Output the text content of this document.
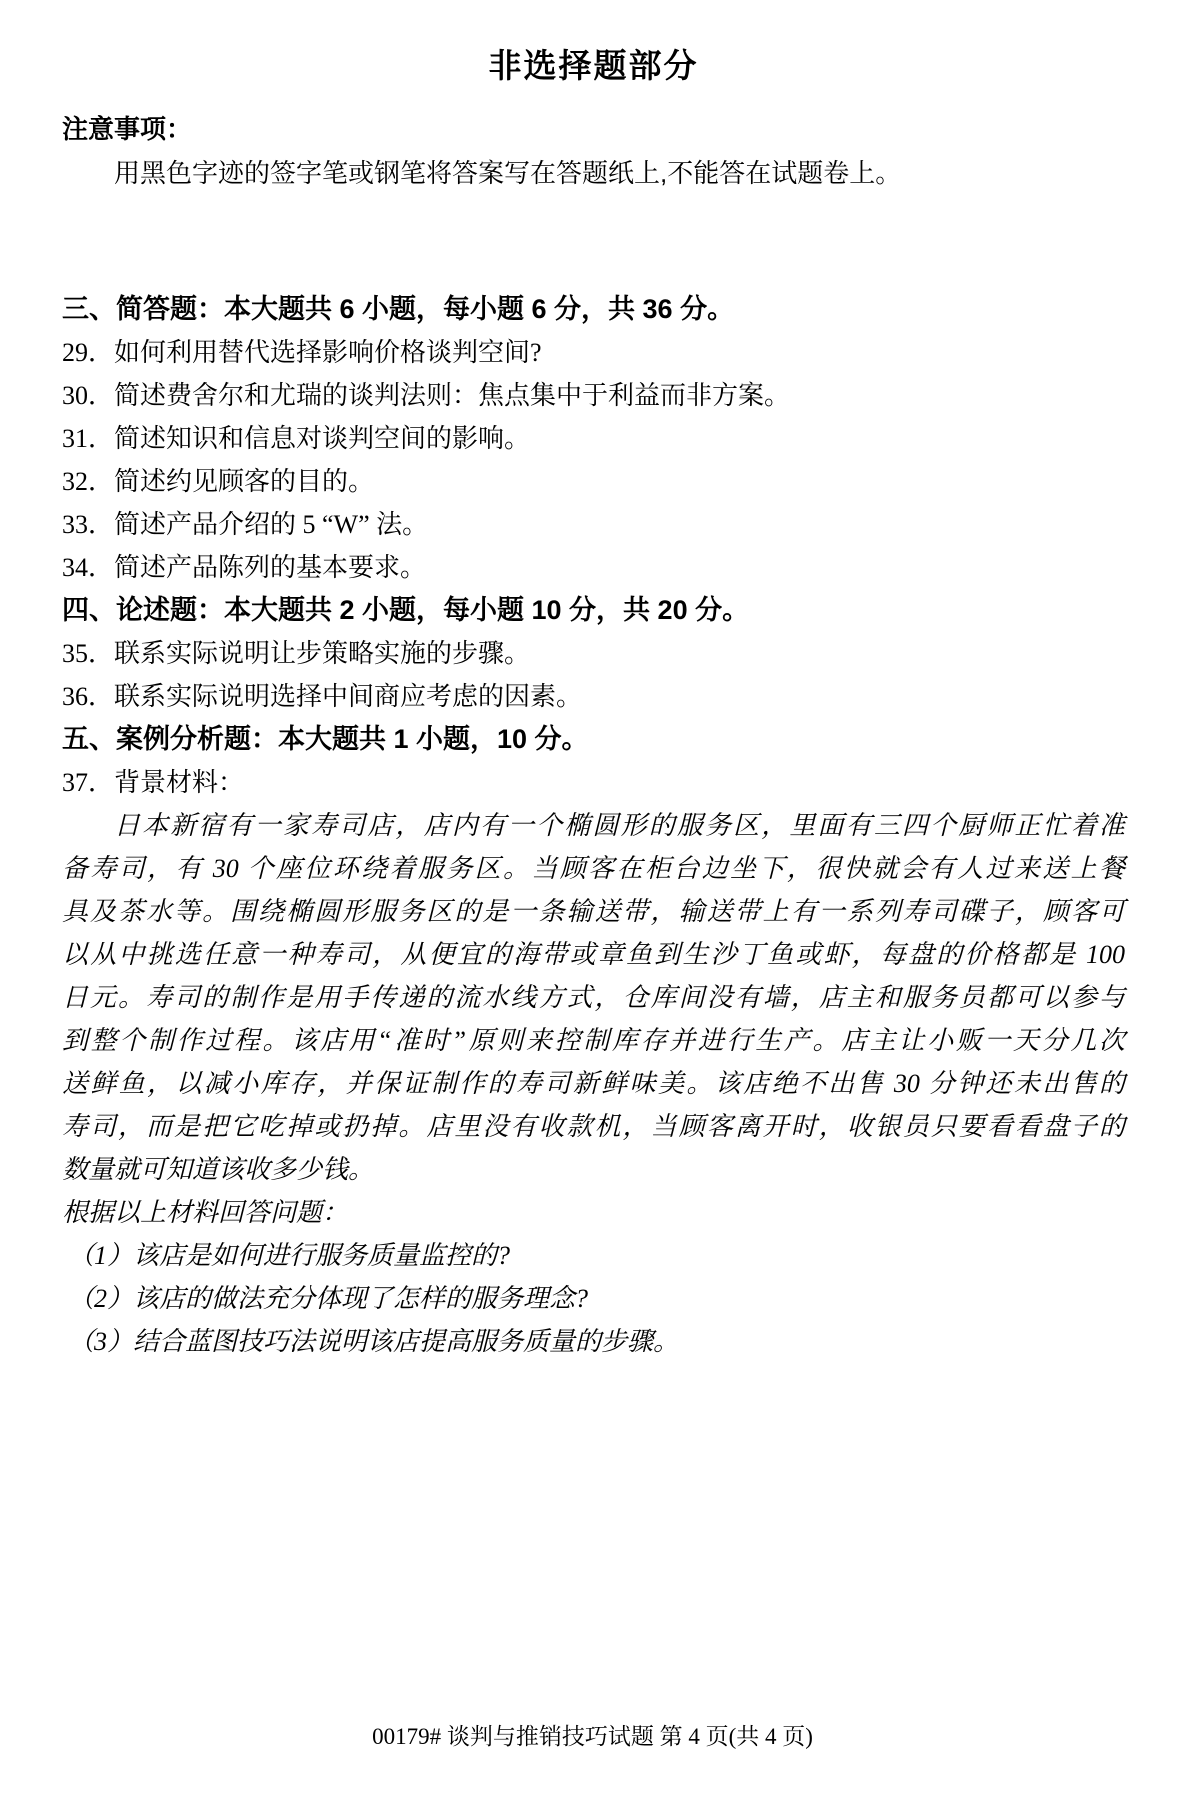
非选择题部分
注意事项：
用黑色字迹的签字笔或钢笔将答案写在答题纸上,不能答在试题卷上。
三、简答题：本大题共 6 小题，每小题 6 分，共 36 分。
29．如何利用替代选择影响价格谈判空间?
30．简述费舍尔和尤瑞的谈判法则：焦点集中于利益而非方案。
31．简述知识和信息对谈判空间的影响。
32．简述约见顾客的目的。
33．简述产品介绍的 5 “W” 法。
34．简述产品陈列的基本要求。
四、论述题：本大题共 2 小题，每小题 10 分，共 20 分。
35．联系实际说明让步策略实施的步骤。
36．联系实际说明选择中间商应考虑的因素。
五、案例分析题：本大题共 1 小题，10 分。
37．背景材料：
日本新宿有一家寿司店，店内有一个椭圆形的服务区，里面有三四个厨师正忙着准
备寿司，有 30 个座位环绕着服务区。当顾客在柜台边坐下，很快就会有人过来送上餐
具及茶水等。围绕椭圆形服务区的是一条输送带，输送带上有一系列寿司碟子，顾客可
以从中挑选任意一种寿司，从便宜的海带或章鱼到生沙丁鱼或虾，每盘的价格都是 100
日元。寿司的制作是用手传递的流水线方式，仓库间没有墙，店主和服务员都可以参与
到整个制作过程。该店用“准时”原则来控制库存并进行生产。店主让小贩一天分几次
送鲜鱼，以减小库存，并保证制作的寿司新鲜味美。该店绝不出售 30 分钟还未出售的
寿司，而是把它吃掉或扔掉。店里没有收款机，当顾客离开时，收银员只要看看盘子的
数量就可知道该收多少钱。
根据以上材料回答问题：
（1）该店是如何进行服务质量监控的?
（2）该店的做法充分体现了怎样的服务理念?
（3）结合蓝图技巧法说明该店提高服务质量的步骤。
00179# 谈判与推销技巧试题 第 4 页(共 4 页)
